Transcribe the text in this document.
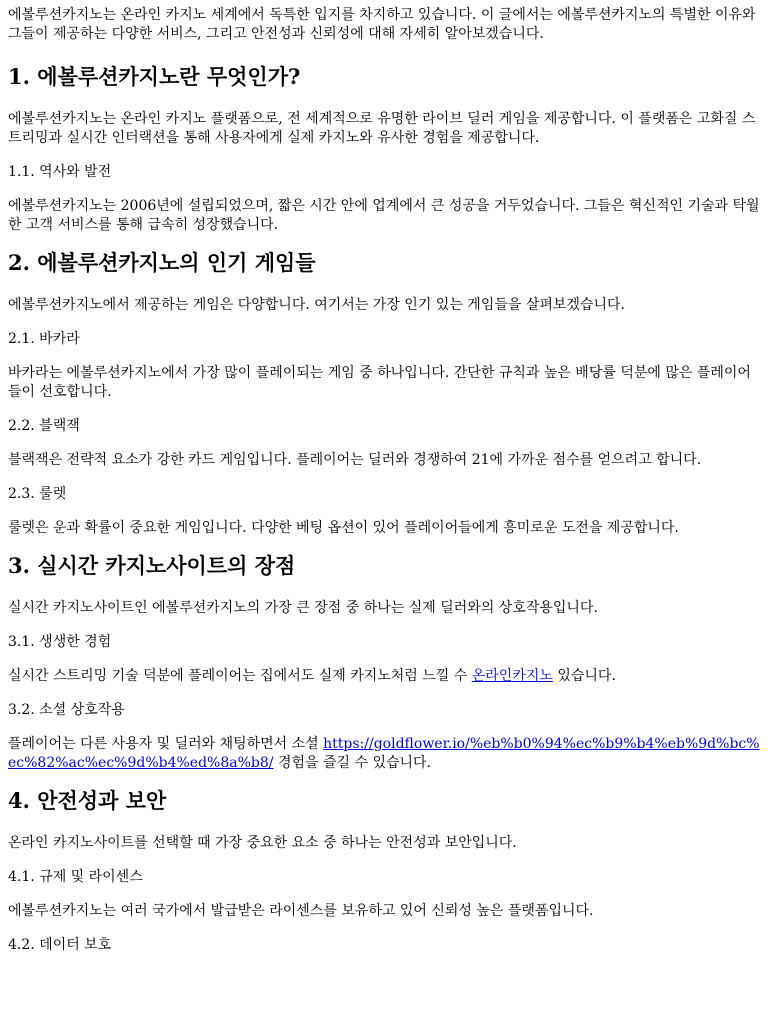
에볼루션카지노는 온라인 카지노 세계에서 독특한 입지를 차지하고 있습니다. 이 글에서는 에볼루션카지노의 특별한 이유와 그들이 제공하는 다양한 서비스, 그리고 안전성과 신뢰성에 대해 자세히 알아보겠습니다.

1. 에볼루션카지노란 무엇인가?

에볼루션카지노는 온라인 카지노 플랫폼으로, 전 세계적으로 유명한 라이브 딜러 게임을 제공합니다. 이 플랫폼은 고화질 스트리밍과 실시간 인터랙션을 통해 사용자에게 실제 카지노와 유사한 경험을 제공합니다.

1.1. 역사와 발전

에볼루션카지노는 2006년에 설립되었으며, 짧은 시간 안에 업계에서 큰 성공을 거두었습니다. 그들은 혁신적인 기술과 탁월한 고객 서비스를 통해 급속히 성장했습니다.

2. 에볼루션카지노의 인기 게임들

에볼루션카지노에서 제공하는 게임은 다양합니다. 여기서는 가장 인기 있는 게임들을 살펴보겠습니다.

2.1. 바카라

바카라는 에볼루션카지노에서 가장 많이 플레이되는 게임 중 하나입니다. 간단한 규칙과 높은 배당률 덕분에 많은 플레이어들이 선호합니다.

2.2. 블랙잭

블랙잭은 전략적 요소가 강한 카드 게임입니다. 플레이어는 딜러와 경쟁하여 21에 가까운 점수를 얻으려고 합니다.

2.3. 룰렛

룰렛은 운과 확률이 중요한 게임입니다. 다양한 베팅 옵션이 있어 플레이어들에게 흥미로운 도전을 제공합니다.

3. 실시간 카지노사이트의 장점

실시간 카지노사이트인 에볼루션카지노의 가장 큰 장점 중 하나는 실제 딜러와의 상호작용입니다.

3.1. 생생한 경험

실시간 스트리밍 기술 덕분에 플레이어는 집에서도 실제 카지노처럼 느낄 수 온라인카지노 있습니다.

3.2. 소셜 상호작용

플레이어는 다른 사용자 및 딜러와 채팅하면서 소셜 https://goldflower.io/%eb%b0%94%ec%b9%b4%eb%9d%bc%ec%82%ac%ec%9d%b4%ed%8a%b8/ 경험을 즐길 수 있습니다.

4. 안전성과 보안

온라인 카지노사이트를 선택할 때 가장 중요한 요소 중 하나는 안전성과 보안입니다.

4.1. 규제 및 라이센스

에볼루션카지노는 여러 국가에서 발급받은 라이센스를 보유하고 있어 신뢰성 높은 플랫폼입니다.

4.2. 데이터 보호
